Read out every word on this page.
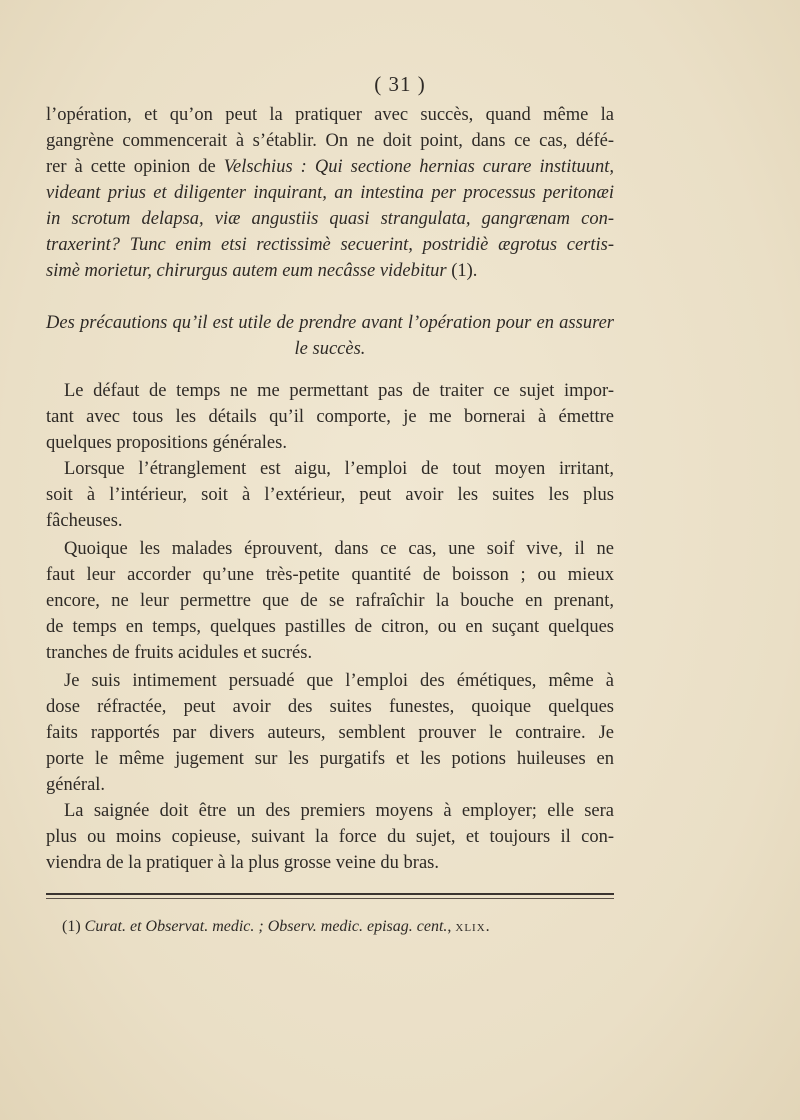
( 31 )
l’opération, et qu’on peut la pratiquer avec succès, quand même la
gangrène commencerait à s’établir. On ne doit point, dans ce cas, défé-
rer à cette opinion de Velschius : Qui sectione hernias curare instituunt,
videant prius et diligenter inquirant, an intestina per processus peritonæi
in scrotum delapsa, viæ angustiis quasi strangulata, gangrænam con-
traxerint? Tunc enim etsi rectissimè secuerint, postridiè ægrotus certis-
simè morietur, chirurgus autem eum necâsse videbitur (1).
Des précautions qu’il est utile de prendre avant l’opération pour en assurer
le succès.
Le défaut de temps ne me permettant pas de traiter ce sujet impor-
tant avec tous les détails qu’il comporte, je me bornerai à émettre
quelques propositions générales.
Lorsque l’étranglement est aigu, l’emploi de tout moyen irritant,
soit à l’intérieur, soit à l’extérieur, peut avoir les suites les plus
fâcheuses.
Quoique les malades éprouvent, dans ce cas, une soif vive, il ne
faut leur accorder qu’une très-petite quantité de boisson ; ou mieux
encore, ne leur permettre que de se rafraîchir la bouche en prenant,
de temps en temps, quelques pastilles de citron, ou en suçant quelques
tranches de fruits acidules et sucrés.
Je suis intimement persuadé que l’emploi des émétiques, même à
dose réfractée, peut avoir des suites funestes, quoique quelques
faits rapportés par divers auteurs, semblent prouver le contraire. Je
porte le même jugement sur les purgatifs et les potions huileuses en
général.
La saignée doit être un des premiers moyens à employer; elle sera
plus ou moins copieuse, suivant la force du sujet, et toujours il con-
viendra de la pratiquer à la plus grosse veine du bras.
(1) Curat. et Observat. medic. ; Observ. medic. episag. cent., xlix.
